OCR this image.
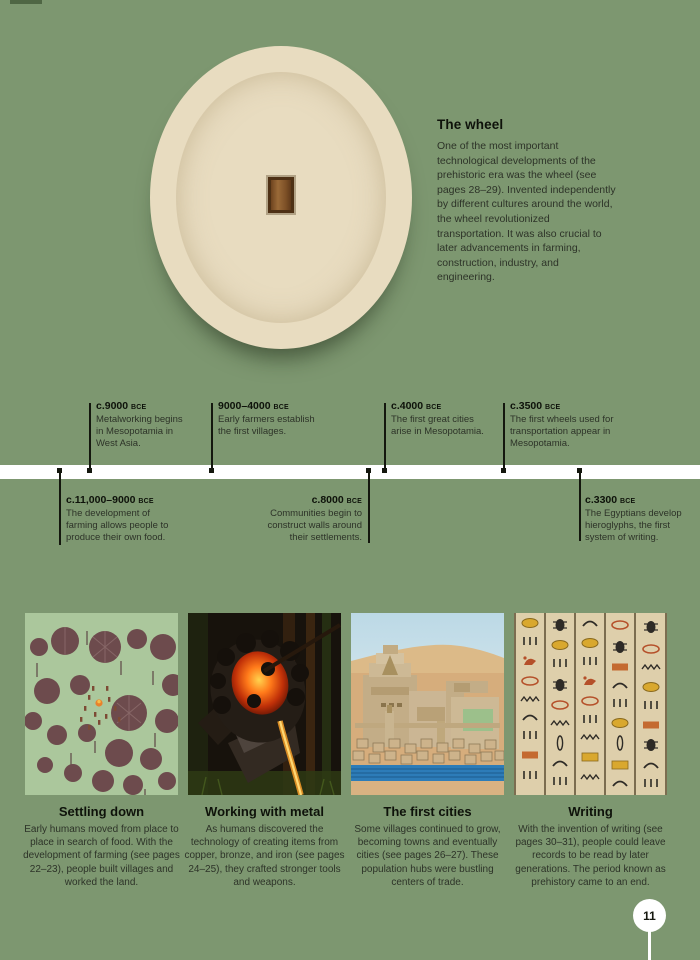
The wheel

One of the most important technological developments of the prehistoric era was the wheel (see pages 28–29). Invented independently by different cultures around the world, the wheel revolutionized transportation. It was also crucial to later advancements in farming, construction, industry, and engineering.

c.9000 BCE
Metalworking begins in Mesopotamia in West Asia.
9000–4000 BCE
Early farmers establish the first villages.
c.4000 BCE
The first great cities arise in Mesopotamia.
c.3500 BCE
The first wheels used for transportation appear in Mesopotamia.
c.11,000–9000 BCE
The development of farming allows people to produce their own food.
c.8000 BCE
Communities begin to construct walls around their settlements.
c.3300 BCE
The Egyptians develop hieroglyphs, the first system of writing.
Settling down

Early humans moved from place to place in search of food. With the development of farming (see pages 22–23), people built villages and worked the land.

Working with metal

As humans discovered the technology of creating items from copper, bronze, and iron (see pages 24–25), they crafted stronger tools and weapons.

The first cities

Some villages continued to grow, becoming towns and eventually cities (see pages 26–27). These population hubs were bustling centers of trade.

Writing

With the invention of writing (see pages 30–31), people could leave records to be read by later generations. The period known as prehistory came to an end.

11
